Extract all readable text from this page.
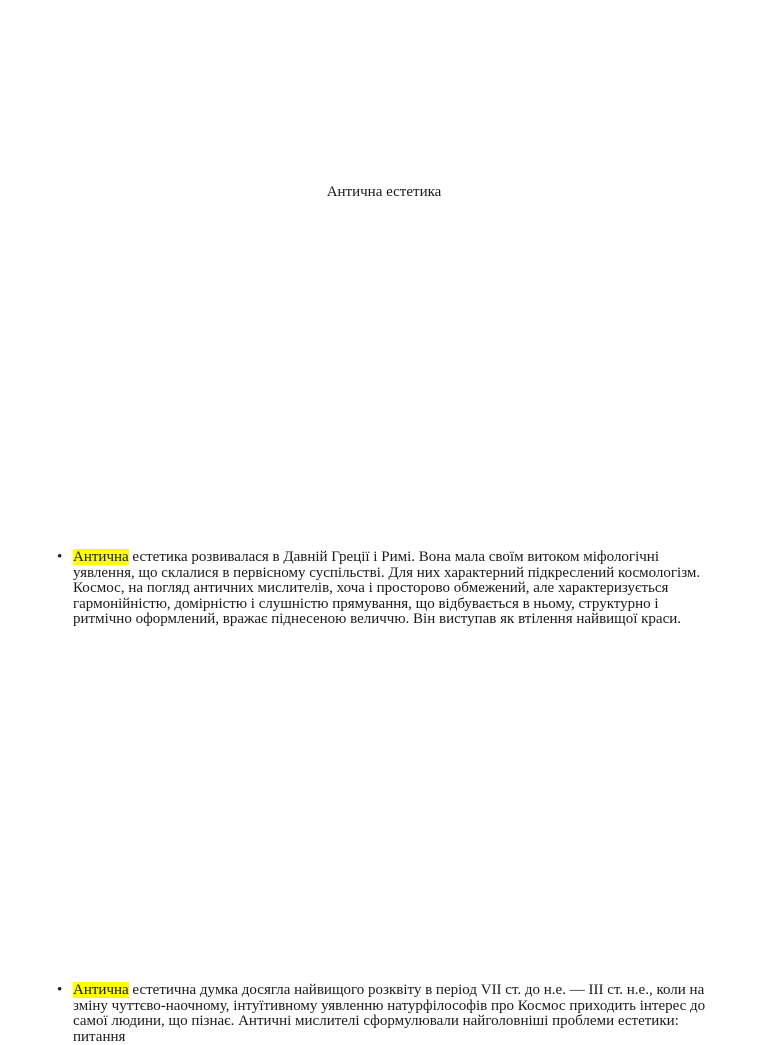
Антична естетика
• Антична естетика розвивалася в Давній Греції і Римі. Вона мала своїм витоком міфологічні уявлення, що склалися в первісному суспільстві. Для них характерний підкреслений космологізм. Космос, на погляд античних мислителів, хоча і просторово обмежений, але характеризується гармонійністю, домірністю і слушністю прямування, що відбувається в ньому, структурно і ритмічно оформлений, вражає піднесеною величчю. Він виступав як втілення найвищої краси.
• Антична естетична думка досягла найвищого розквіту в період VII ст. до н.е. — III ст. н.е., коли на зміну чуттєво-наочному, інтуїтивному уявленню натурфілософів про Космос приходить інтерес до самої людини, що пізнає. Античні мислителі сформулювали найголовніші проблеми естетики: питання
